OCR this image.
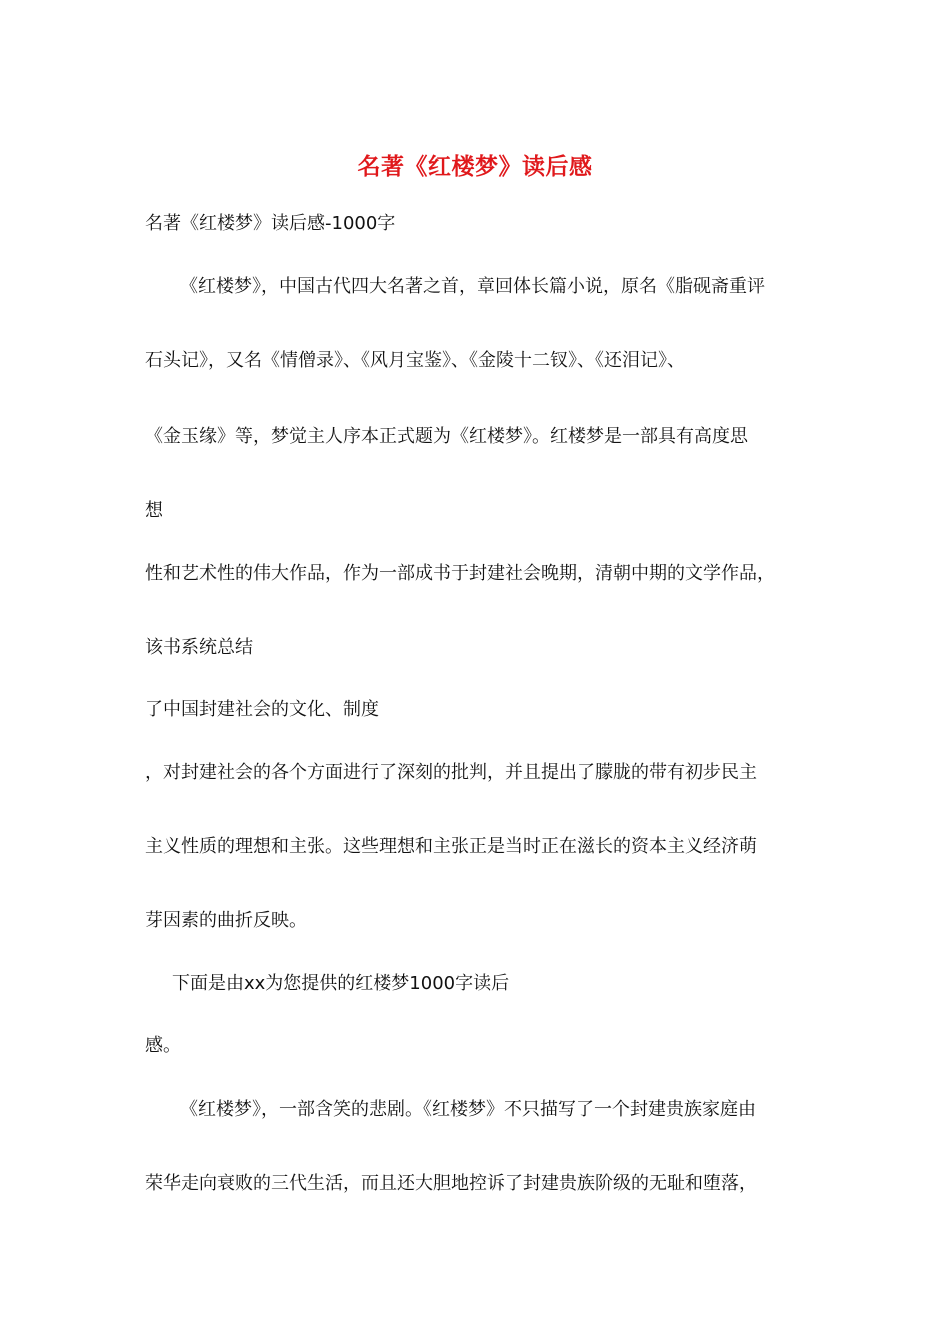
名著《红楼梦》读后感
名著《红楼梦》读后感-1000字
《红楼梦》，中国古代四大名著之首，章回体长篇小说，原名《脂砚斋重评
石头记》，又名《情僧录》、《风月宝鉴》、《金陵十二钗》、《还泪记》、
《金玉缘》等，梦觉主人序本正式题为《红楼梦》。红楼梦是一部具有高度思
想
性和艺术性的伟大作品，作为一部成书于封建社会晚期，清朝中期的文学作品，
该书系统总结
了中国封建社会的文化、制度
，对封建社会的各个方面进行了深刻的批判，并且提出了朦胧的带有初步民主
主义性质的理想和主张。这些理想和主张正是当时正在滋长的资本主义经济萌
芽因素的曲折反映。
下面是由xx为您提供的红楼梦1000字读后
感。
《红楼梦》，一部含笑的悲剧。《红楼梦》不只描写了一个封建贵族家庭由
荣华走向衰败的三代生活，而且还大胆地控诉了封建贵族阶级的无耻和堕落，
